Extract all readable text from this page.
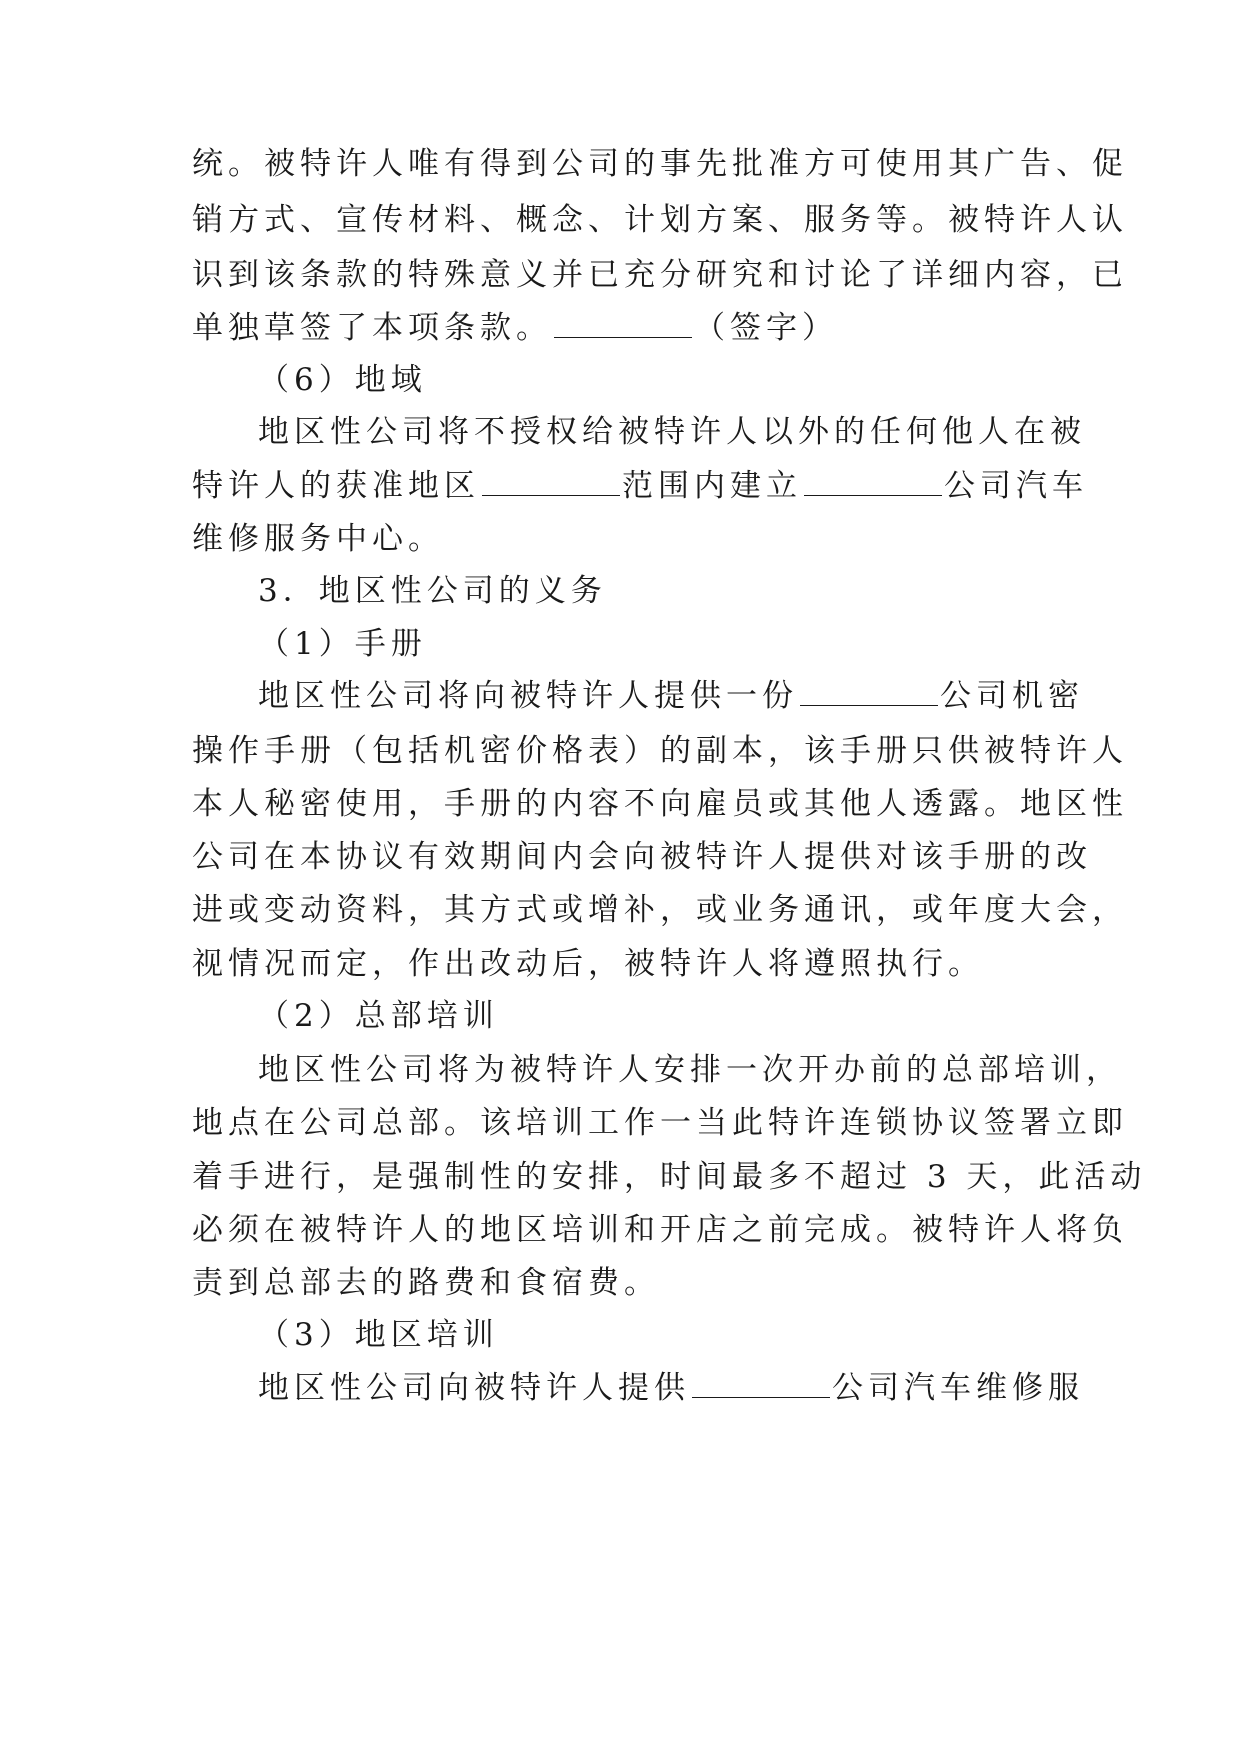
统。被特许人唯有得到公司的事先批准方可使用其广告、促
销方式、宣传材料、概念、计划方案、服务等。被特许人认
识到该条款的特殊意义并已充分研究和讨论了详细内容，已
单独草签了本项条款。	（签字）
（6）地域
地区性公司将不授权给被特许人以外的任何他人在被
特许人的获准地区	范围内建立	公司汽车
维修服务中心。
3．地区性公司的义务
（1）手册
地区性公司将向被特许人提供一份	公司机密
操作手册（包括机密价格表）的副本，该手册只供被特许人
本人秘密使用，手册的内容不向雇员或其他人透露。地区性
公司在本协议有效期间内会向被特许人提供对该手册的改
进或变动资料，其方式或增补，或业务通讯，或年度大会，
视情况而定，作出改动后，被特许人将遵照执行。
（2）总部培训
地区性公司将为被特许人安排一次开办前的总部培训，
地点在公司总部。该培训工作一当此特许连锁协议签署立即
着手进行，是强制性的安排，时间最多不超过 3 天，此活动
必须在被特许人的地区培训和开店之前完成。被特许人将负
责到总部去的路费和食宿费。
（3）地区培训
地区性公司向被特许人提供	公司汽车维修服
